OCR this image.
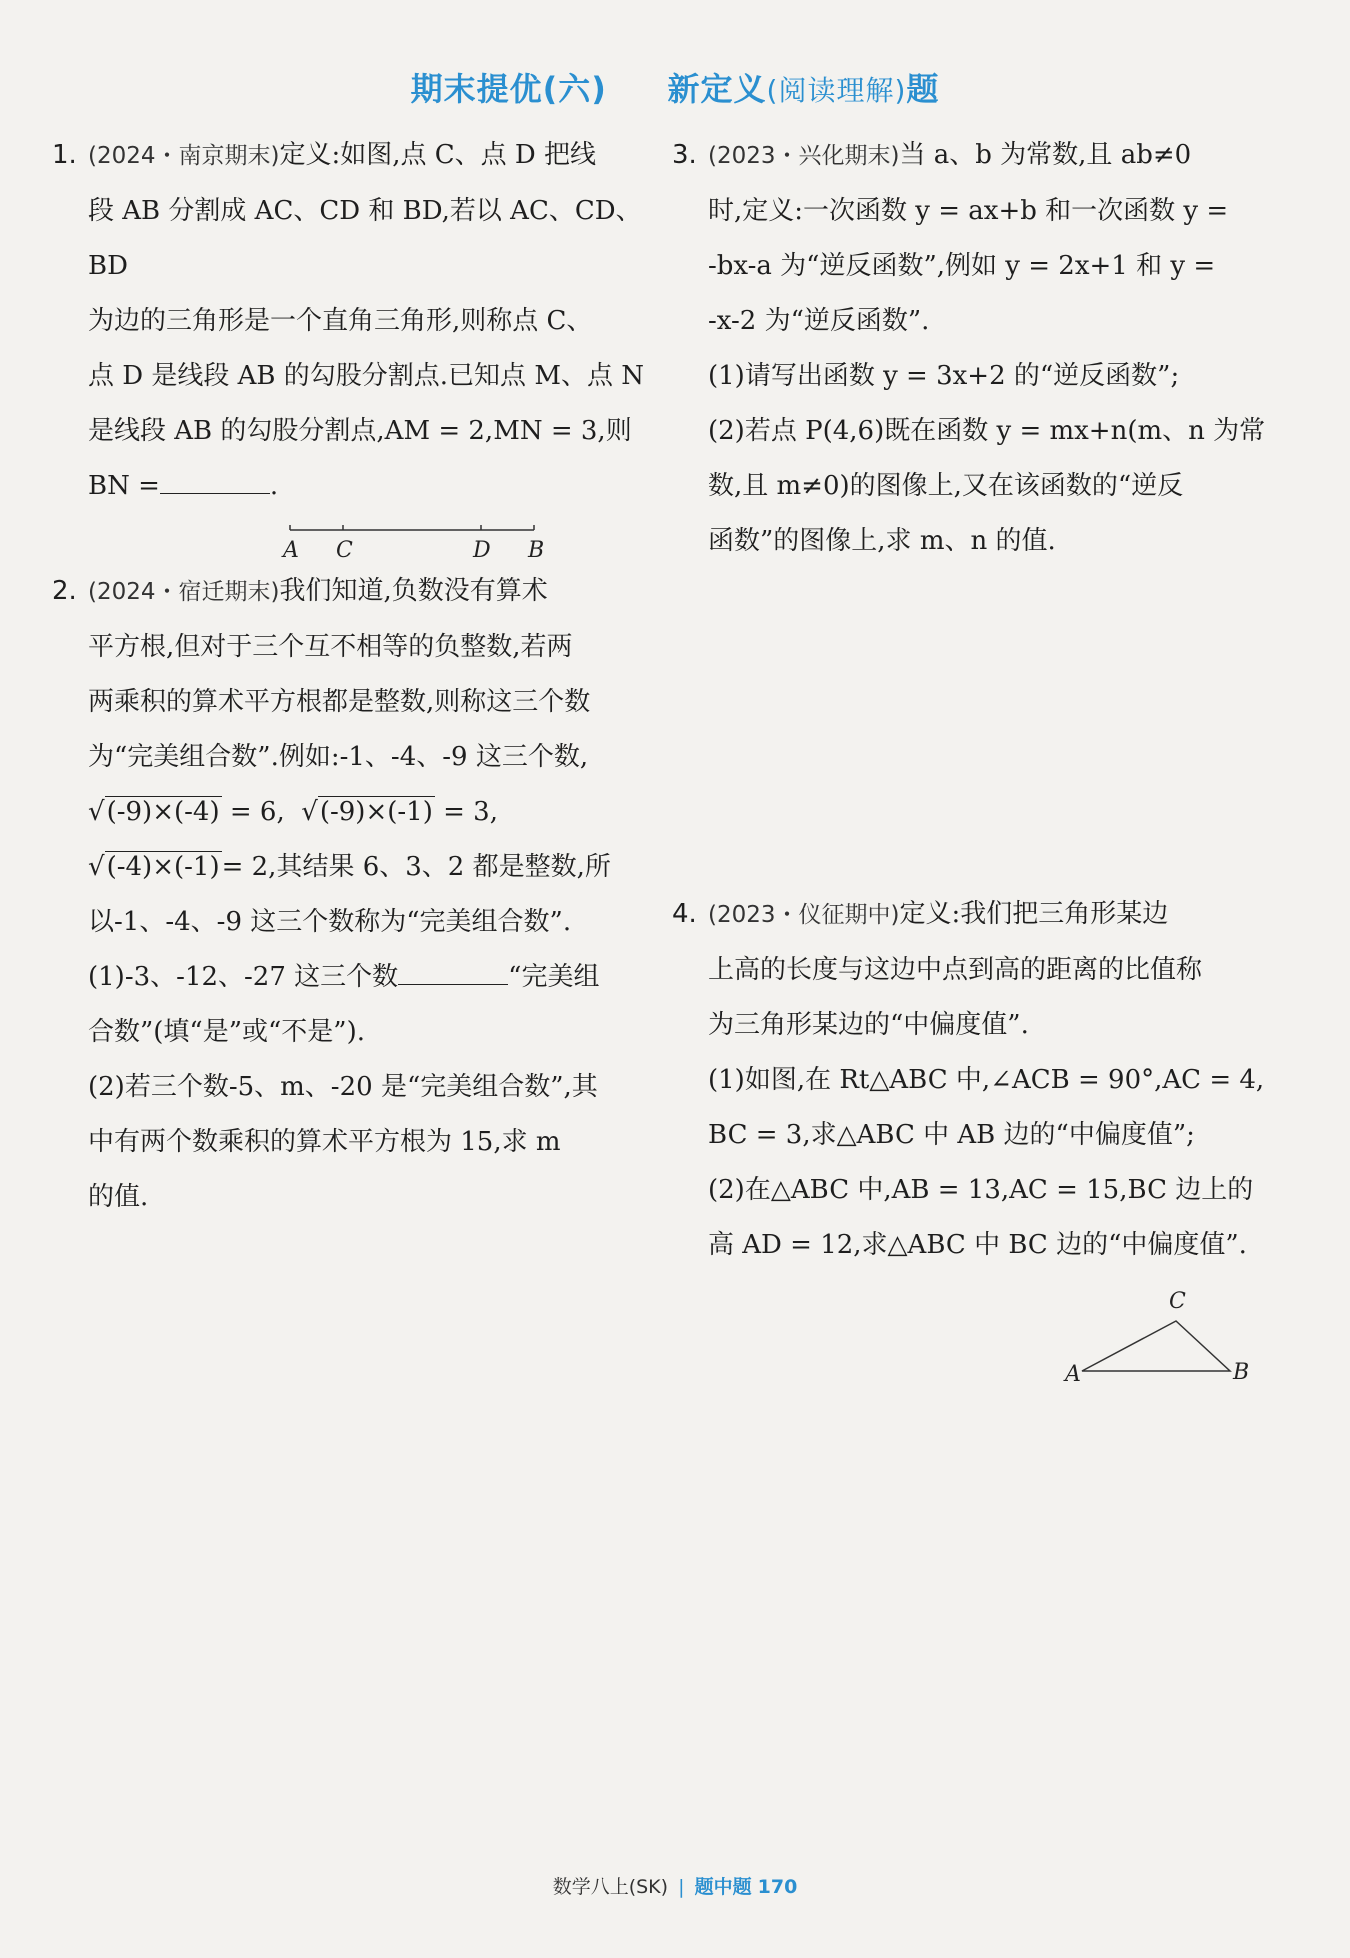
期末提优(六) 新定义(阅读理解)题
1. (2024・南京期末)定义:如图,点 C、点 D 把线

段 AB 分割成 AC、CD 和 BD,若以 AC、CD、BD

为边的三角形是一个直角三角形,则称点 C、

点 D 是线段 AB 的勾股分割点.已知点 M、点 N

是线段 AB 的勾股分割点,AM = 2,MN = 3,则

BN =	.

A C	D B
2. (2024・宿迁期末)我们知道,负数没有算术

平方根,但对于三个互不相等的负整数,若两

两乘积的算术平方根都是整数,则称这三个数

为“完美组合数”.例如:-1、-4、-9 这三个数,

√(-9)×(-4) = 6, √(-9)×(-1) = 3,

√(-4)×(-1)= 2,其结果 6、3、2 都是整数,所

以-1、-4、-9 这三个数称为“完美组合数”.

(1)-3、-12、-27 这三个数	“完美组

合数”(填“是”或“不是”).

(2)若三个数-5、m、-20 是“完美组合数”,其

中有两个数乘积的算术平方根为 15,求 m

的值.

3. (2023・兴化期末)当 a、b 为常数,且 ab≠0

时,定义:一次函数 y = ax+b 和一次函数 y =

-bx-a 为“逆反函数”,例如 y = 2x+1 和 y =

-x-2 为“逆反函数”.

(1)请写出函数 y = 3x+2 的“逆反函数”;

(2)若点 P(4,6)既在函数 y = mx+n(m、n 为常

数,且 m≠0)的图像上,又在该函数的“逆反

函数”的图像上,求 m、n 的值.

4. (2023・仪征期中)定义:我们把三角形某边

上高的长度与这边中点到高的距离的比值称

为三角形某边的“中偏度值”.

(1)如图,在 Rt△ABC 中,∠ACB = 90°,AC = 4,

BC = 3,求△ABC 中 AB 边的“中偏度值”;

(2)在△ABC 中,AB = 13,AC = 15,BC 边上的

高 AD = 12,求△ABC 中 BC 边的“中偏度值”.

A
C
B
数学八上(SK) | 题中题 170
